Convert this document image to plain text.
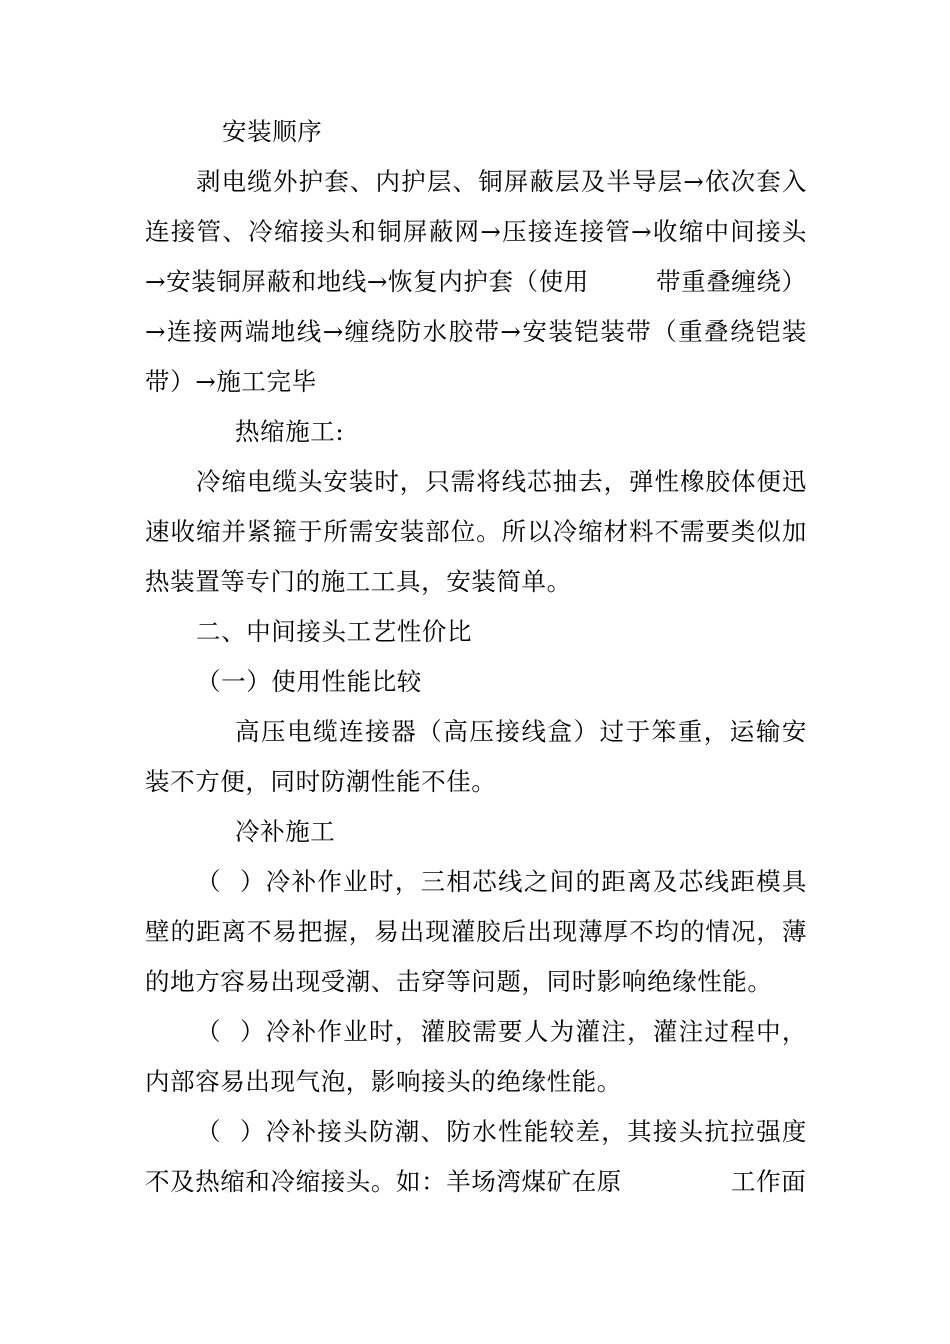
安装顺序
剥电缆外护套、内护层、铜屏蔽层及半导层→依次套入
连接管、冷缩接头和铜屏蔽网→压接连接管→收缩中间接头
→安装铜屏蔽和地线→恢复内护套（使用	带重叠缠绕）
→连接两端地线→缠绕防水胶带→安装铠装带（重叠绕铠装
带）→施工完毕
热缩施工:
冷缩电缆头安装时，只需将线芯抽去，弹性橡胶体便迅
速收缩并紧箍于所需安装部位。所以冷缩材料不需要类似加
热装置等专门的施工工具，安装简单。
二、中间接头工艺性价比
（一）使用性能比较
高压电缆连接器（高压接线盒）过于笨重，运输安
装不方便，同时防潮性能不佳。
冷补施工
（  ）冷补作业时，三相芯线之间的距离及芯线距模具
壁的距离不易把握，易出现灌胶后出现薄厚不均的情况，薄
的地方容易出现受潮、击穿等问题，同时影响绝缘性能。
（  ）冷补作业时，灌胶需要人为灌注，灌注过程中，
内部容易出现气泡，影响接头的绝缘性能。
（  ）冷补接头防潮、防水性能较差，其接头抗拉强度
不及热缩和冷缩接头。如：羊场湾煤矿在原	工作面
